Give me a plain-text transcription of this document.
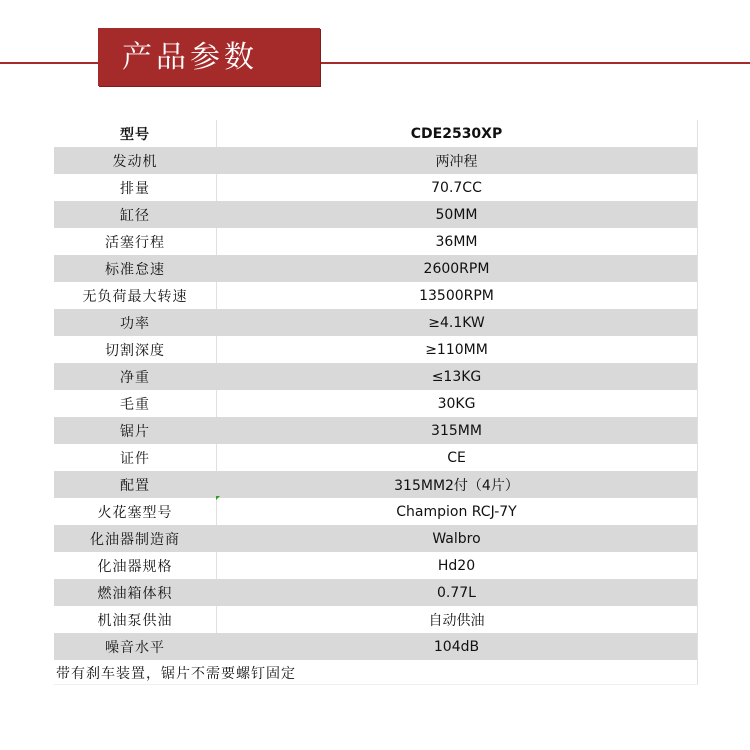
产品参数
型号	CDE2530XP
发动机	两冲程
排量	70.7CC
缸径	50MM
活塞行程	36MM
标准怠速	2600RPM
无负荷最大转速	13500RPM
功率	≥4.1KW
切割深度	≥110MM
净重	≤13KG
毛重	30KG
锯片	315MM
证件	CE
配置	315MM2付（4片）
火花塞型号	Champion RCJ-7Y
化油器制造商	Walbro
化油器规格	Hd20
燃油箱体积	0.77L
机油泵供油	自动供油
噪音水平	104dB
带有刹车装置，锯片不需要螺钉固定
